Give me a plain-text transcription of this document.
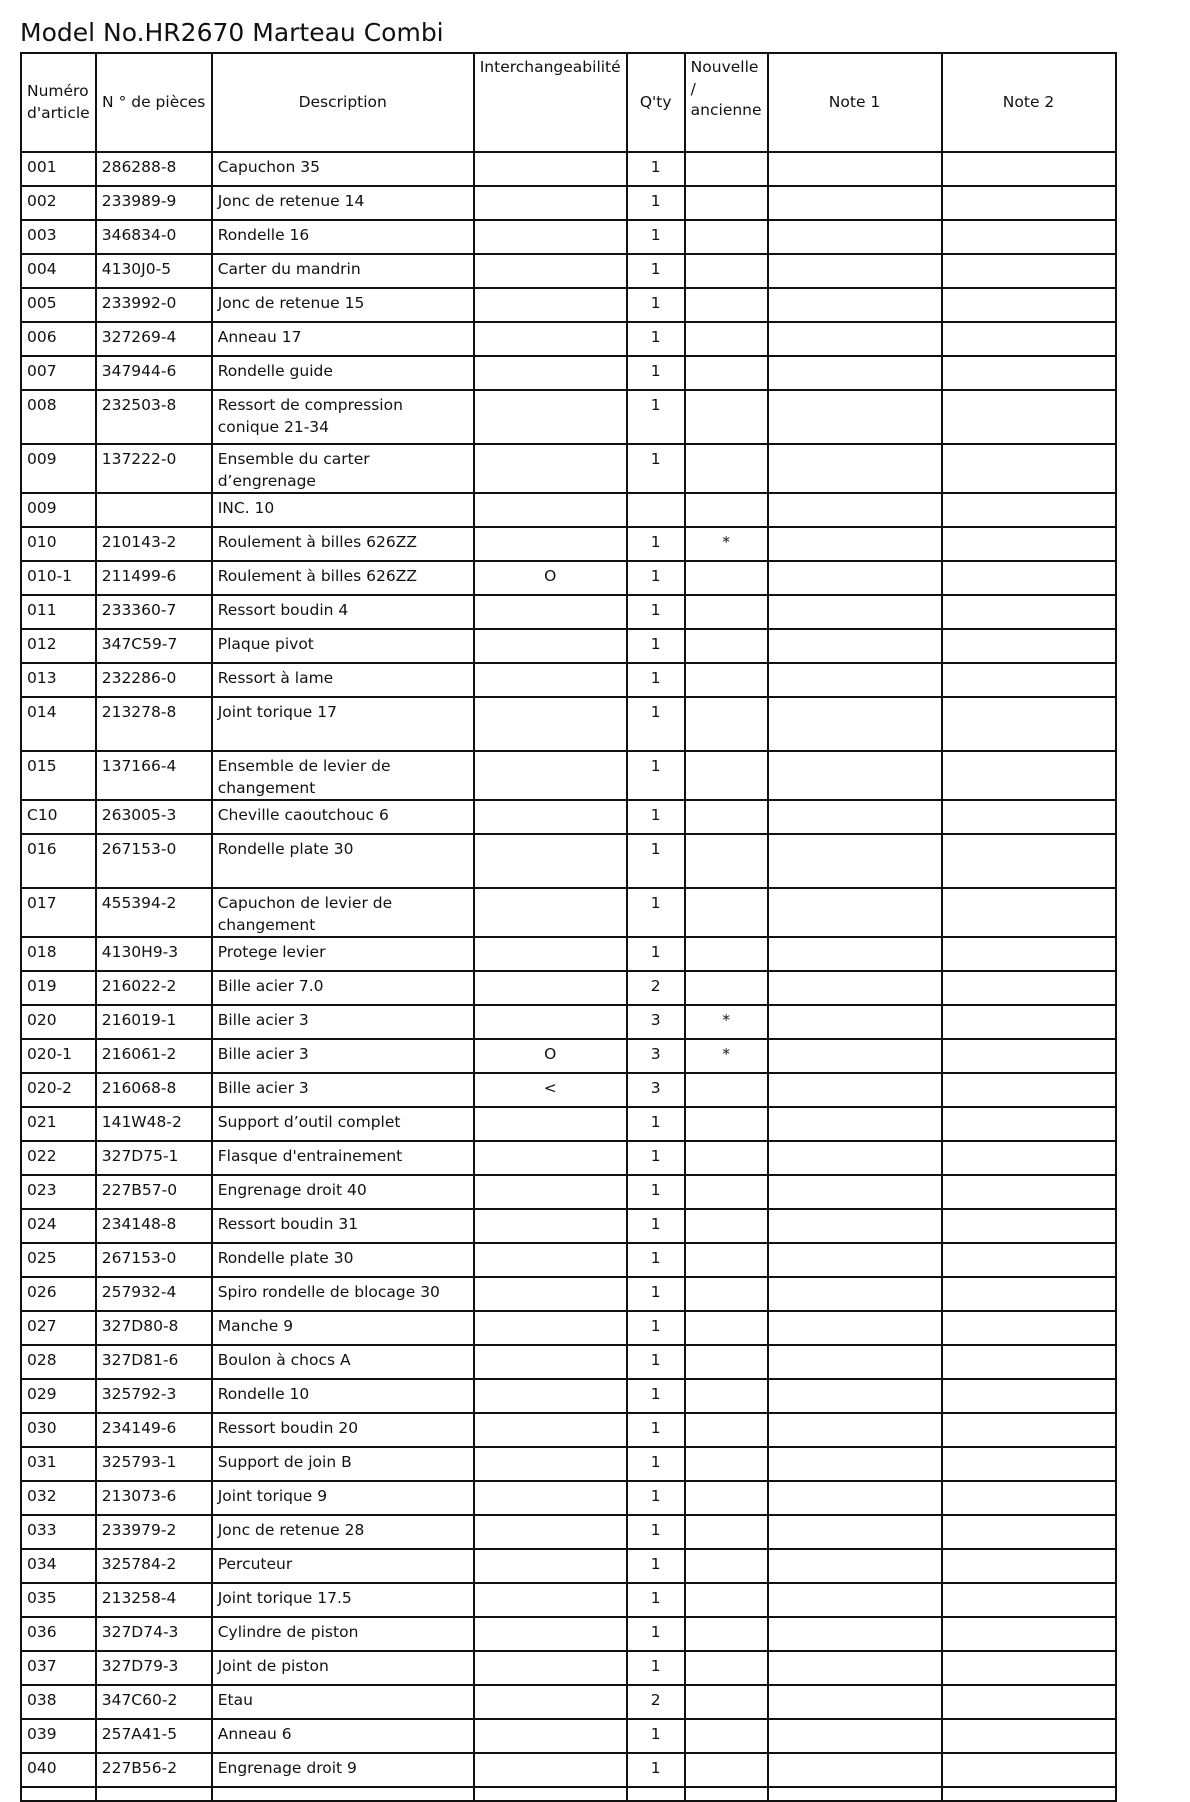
Model No.HR2670 Marteau Combi
Numéro d'article	N ° de pièces	Description	Interchangeabilité	Q'ty	Nouvelle / ancienne	Note 1	Note 2
001	286288-8	Capuchon 35		1			
002	233989-9	Jonc de retenue 14		1			
003	346834-0	Rondelle 16		1			
004	4130J0-5	Carter du mandrin		1			
005	233992-0	Jonc de retenue 15		1			
006	327269-4	Anneau 17		1			
007	347944-6	Rondelle guide		1			
008	232503-8	Ressort de compression conique 21-34		1			
009	137222-0	Ensemble du carter d’engrenage		1			
009		INC. 10					
010	210143-2	Roulement à billes 626ZZ		1	*		
010-1	211499-6	Roulement à billes 626ZZ	O	1			
011	233360-7	Ressort boudin 4		1			
012	347C59-7	Plaque pivot		1			
013	232286-0	Ressort à lame		1			
014	213278-8	Joint torique 17		1			
015	137166-4	Ensemble de levier de changement		1			
C10	263005-3	Cheville caoutchouc 6		1			
016	267153-0	Rondelle plate 30		1			
017	455394-2	Capuchon de levier de changement		1			
018	4130H9-3	Protege levier		1			
019	216022-2	Bille acier 7.0		2			
020	216019-1	Bille acier 3		3	*		
020-1	216061-2	Bille acier 3	O	3	*		
020-2	216068-8	Bille acier 3	<	3			
021	141W48-2	Support d’outil complet		1			
022	327D75-1	Flasque d'entrainement		1			
023	227B57-0	Engrenage droit 40		1			
024	234148-8	Ressort boudin 31		1			
025	267153-0	Rondelle plate 30		1			
026	257932-4	Spiro rondelle de blocage 30		1			
027	327D80-8	Manche 9		1			
028	327D81-6	Boulon à chocs A		1			
029	325792-3	Rondelle 10		1			
030	234149-6	Ressort boudin 20		1			
031	325793-1	Support de join B		1			
032	213073-6	Joint torique 9		1			
033	233979-2	Jonc de retenue 28		1			
034	325784-2	Percuteur		1			
035	213258-4	Joint torique 17.5		1			
036	327D74-3	Cylindre de piston		1			
037	327D79-3	Joint de piston		1			
038	347C60-2	Etau		2			
039	257A41-5	Anneau 6		1			
040	227B56-2	Engrenage droit 9		1			
